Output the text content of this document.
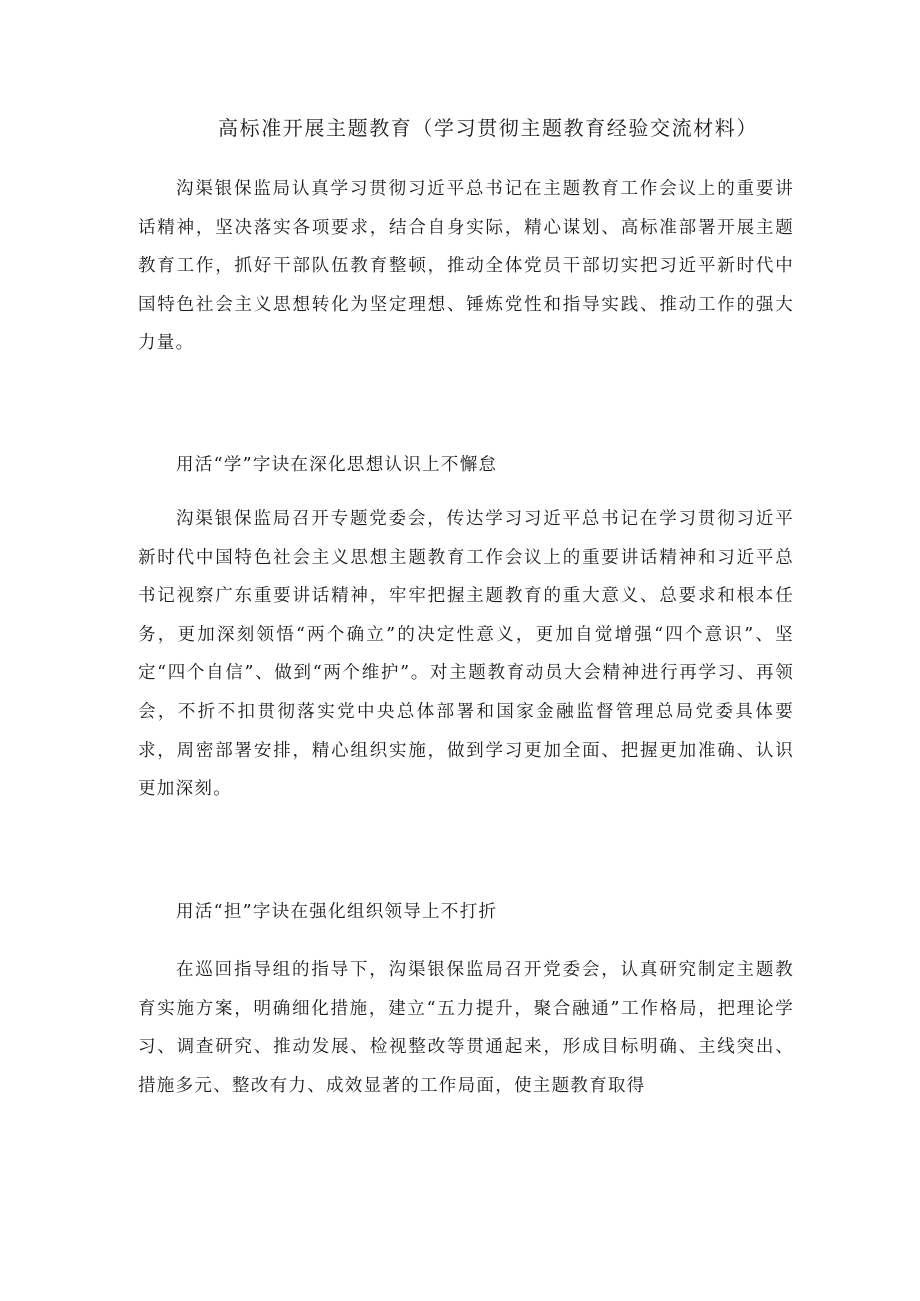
高标准开展主题教育（学习贯彻主题教育经验交流材料）

沟渠银保监局认真学习贯彻习近平总书记在主题教育工作会议上的重要讲话精神，坚决落实各项要求，结合自身实际，精心谋划、高标准部署开展主题教育工作，抓好干部队伍教育整顿，推动全体党员干部切实把习近平新时代中国特色社会主义思想转化为坚定理想、锤炼党性和指导实践、推动工作的强大力量。

用活“学”字诀在深化思想认识上不懈怠

沟渠银保监局召开专题党委会，传达学习习近平总书记在学习贯彻习近平新时代中国特色社会主义思想主题教育工作会议上的重要讲话精神和习近平总书记视察广东重要讲话精神，牢牢把握主题教育的重大意义、总要求和根本任务，更加深刻领悟“两个确立”的决定性意义，更加自觉增强“四个意识”、坚定“四个自信”、做到“两个维护”。对主题教育动员大会精神进行再学习、再领会，不折不扣贯彻落实党中央总体部署和国家金融监督管理总局党委具体要求，周密部署安排，精心组织实施，做到学习更加全面、把握更加准确、认识更加深刻。

用活“担”字诀在强化组织领导上不打折

在巡回指导组的指导下，沟渠银保监局召开党委会，认真研究制定主题教育实施方案，明确细化措施，建立“五力提升，聚合融通”工作格局，把理论学习、调查研究、推动发展、检视整改等贯通起来，形成目标明确、主线突出、措施多元、整改有力、成效显著的工作局面，使主题教育取得
